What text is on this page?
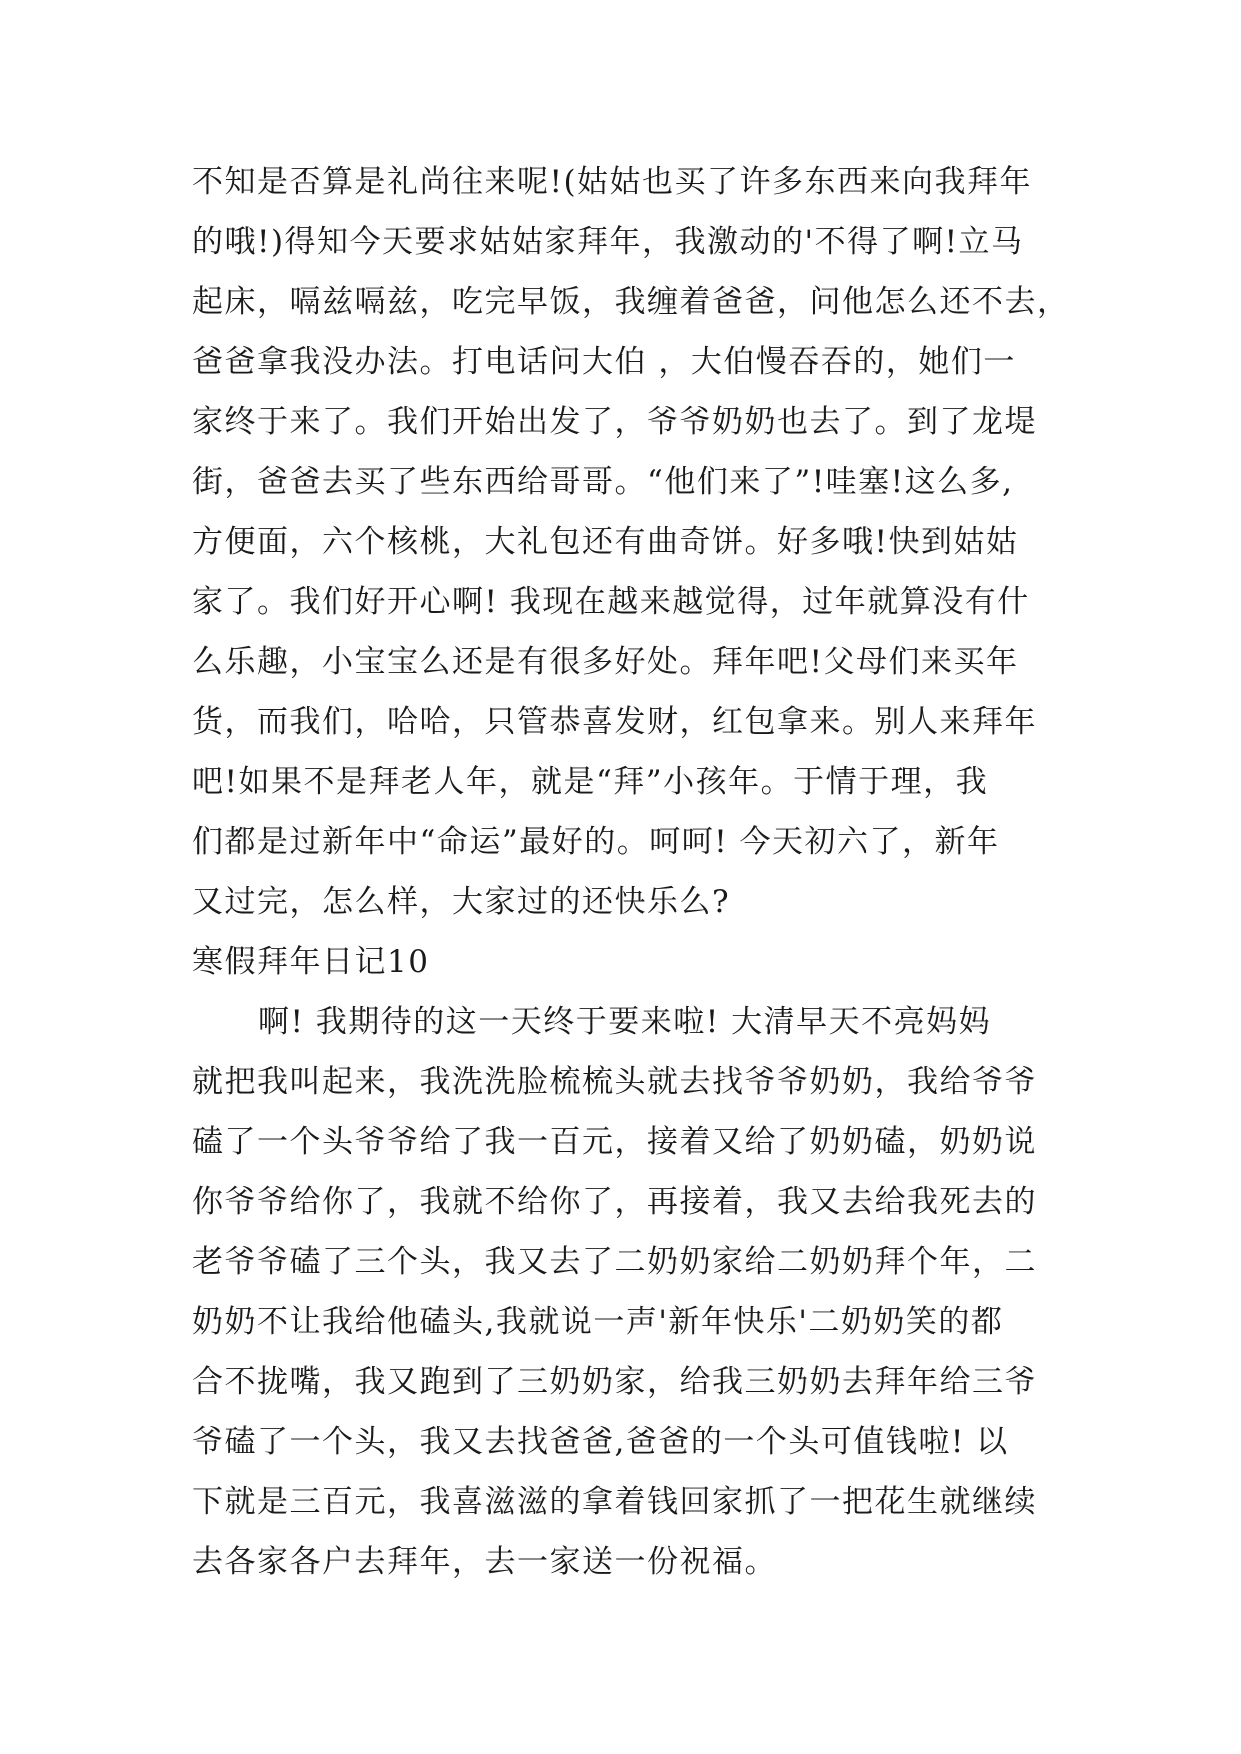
不知是否算是礼尚往来呢!(姑姑也买了许多东西来向我拜年
的哦!)得知今天要求姑姑家拜年，我激动的'不得了啊!立马
起床，嗝兹嗝兹，吃完早饭，我缠着爸爸，问他怎么还不去，
爸爸拿我没办法。打电话问大伯 ，大伯慢吞吞的，她们一
家终于来了。我们开始出发了，爷爷奶奶也去了。到了龙堤
街，爸爸去买了些东西给哥哥。“他们来了”!哇塞!这么多,
方便面，六个核桃，大礼包还有曲奇饼。好多哦!快到姑姑
家了。我们好开心啊! 我现在越来越觉得，过年就算没有什
么乐趣，小宝宝么还是有很多好处。拜年吧!父母们来买年
货，而我们，哈哈，只管恭喜发财，红包拿来。别人来拜年
吧!如果不是拜老人年，就是“拜”小孩年。于情于理，我
们都是过新年中“命运”最好的。呵呵! 今天初六了，新年
又过完，怎么样，大家过的还快乐么?
寒假拜年日记10
啊! 我期待的这一天终于要来啦! 大清早天不亮妈妈
就把我叫起来，我洗洗脸梳梳头就去找爷爷奶奶，我给爷爷
磕了一个头爷爷给了我一百元，接着又给了奶奶磕，奶奶说
你爷爷给你了，我就不给你了，再接着，我又去给我死去的
老爷爷磕了三个头，我又去了二奶奶家给二奶奶拜个年，二
奶奶不让我给他磕头,我就说一声'新年快乐'二奶奶笑的都
合不拢嘴，我又跑到了三奶奶家，给我三奶奶去拜年给三爷
爷磕了一个头，我又去找爸爸,爸爸的一个头可值钱啦! 以
下就是三百元，我喜滋滋的拿着钱回家抓了一把花生就继续
去各家各户去拜年，去一家送一份祝福。
